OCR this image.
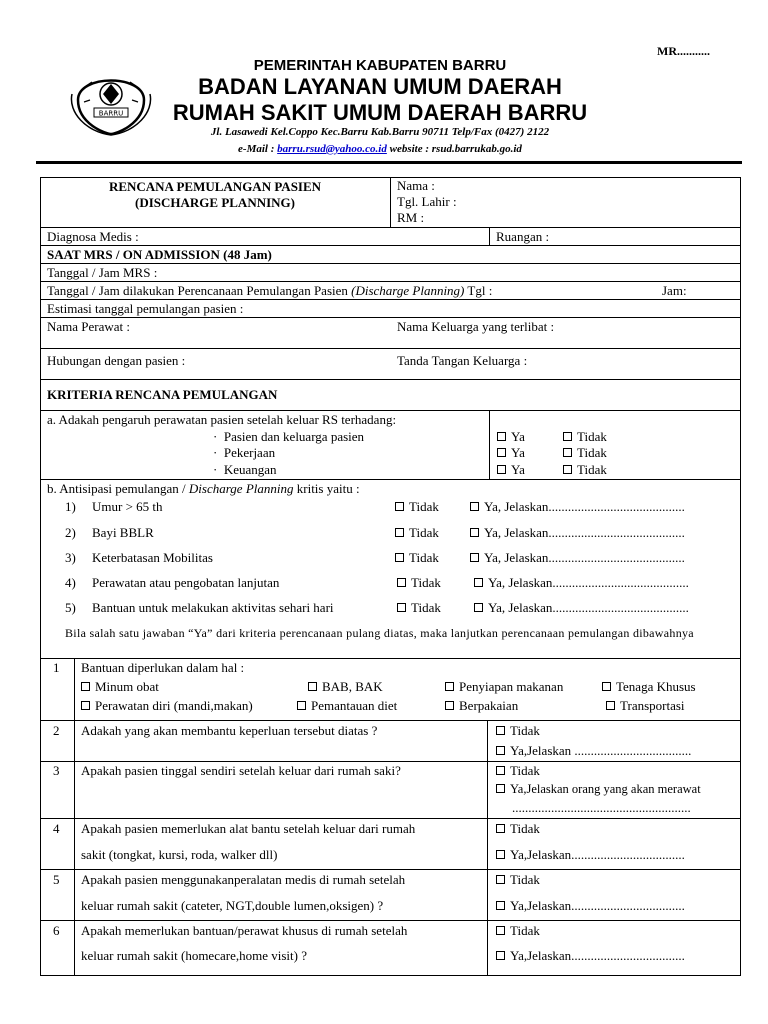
MR...........
BARRU
PEMERINTAH KABUPATEN BARRU
BADAN LAYANAN UMUM DAERAH
RUMAH SAKIT UMUM DAERAH BARRU
Jl. Lasawedi Kel.Coppo Kec.Barru Kab.Barru 90711 Telp/Fax (0427) 2122
e-Mail : barru.rsud@yahoo.co.id website : rsud.barrukab.go.id
RENCANA PEMULANGAN PASIEN
(DISCHARGE PLANNING)
Nama :
Tgl. Lahir :
RM :
Diagnosa Medis :	Ruangan :
SAAT MRS / ON ADMISSION (48 Jam)
Tanggal / Jam MRS :
Tanggal / Jam dilakukan Perencanaan Pemulangan Pasien (Discharge Planning) Tgl :	Jam:
Estimasi tanggal pemulangan pasien :
Nama Perawat :	Nama Keluarga yang terlibat :
Hubungan dengan pasien :	Tanda Tangan Keluarga :
KRITERIA RENCANA PEMULANGAN
a. Adakah pengaruh perawatan pasien setelah keluar RS terhadang:
·  Pasien dan keluarga pasien
·  Pekerjaan
·  Keuangan
Ya	Tidak
Ya	Tidak
Ya	Tidak
b. Antisipasi pemulangan / Discharge Planning kritis yaitu :
1) Umur > 65 th	Tidak	Ya, Jelaskan..........................................
2) Bayi BBLR	Tidak	Ya, Jelaskan..........................................
3) Keterbatasan Mobilitas	Tidak	Ya, Jelaskan..........................................
4) Perawatan atau pengobatan lanjutan	Tidak	Ya, Jelaskan..........................................
5) Bantuan untuk melakukan aktivitas sehari hari	Tidak	Ya, Jelaskan..........................................
Bila salah satu jawaban “Ya” dari kriteria perencanaan pulang diatas, maka lanjutkan perencanaan pemulangan dibawahnya
1 Bantuan diperlukan dalam hal :
Minum obat	BAB, BAK	Penyiapan makanan	Tenaga Khusus
Perawatan diri (mandi,makan)	Pemantauan diet	Berpakaian	Transportasi
2 Adakah yang akan membantu keperluan tersebut diatas ?	Tidak
Ya,Jelaskan ....................................
3 Apakah pasien tinggal sendiri setelah keluar dari rumah saki?	Tidak
Ya,Jelaskan orang yang akan merawat
.......................................................
4 Apakah pasien memerlukan alat bantu setelah keluar dari rumah
sakit (tongkat, kursi, roda, walker dll)
Tidak
Ya,Jelaskan...................................
5 Apakah pasien menggunakanperalatan medis di rumah setelah
keluar rumah sakit (cateter, NGT,double lumen,oksigen) ?
Tidak
Ya,Jelaskan...................................
6 Apakah memerlukan bantuan/perawat khusus di rumah setelah
keluar rumah sakit (homecare,home visit) ?
Tidak
Ya,Jelaskan...................................
